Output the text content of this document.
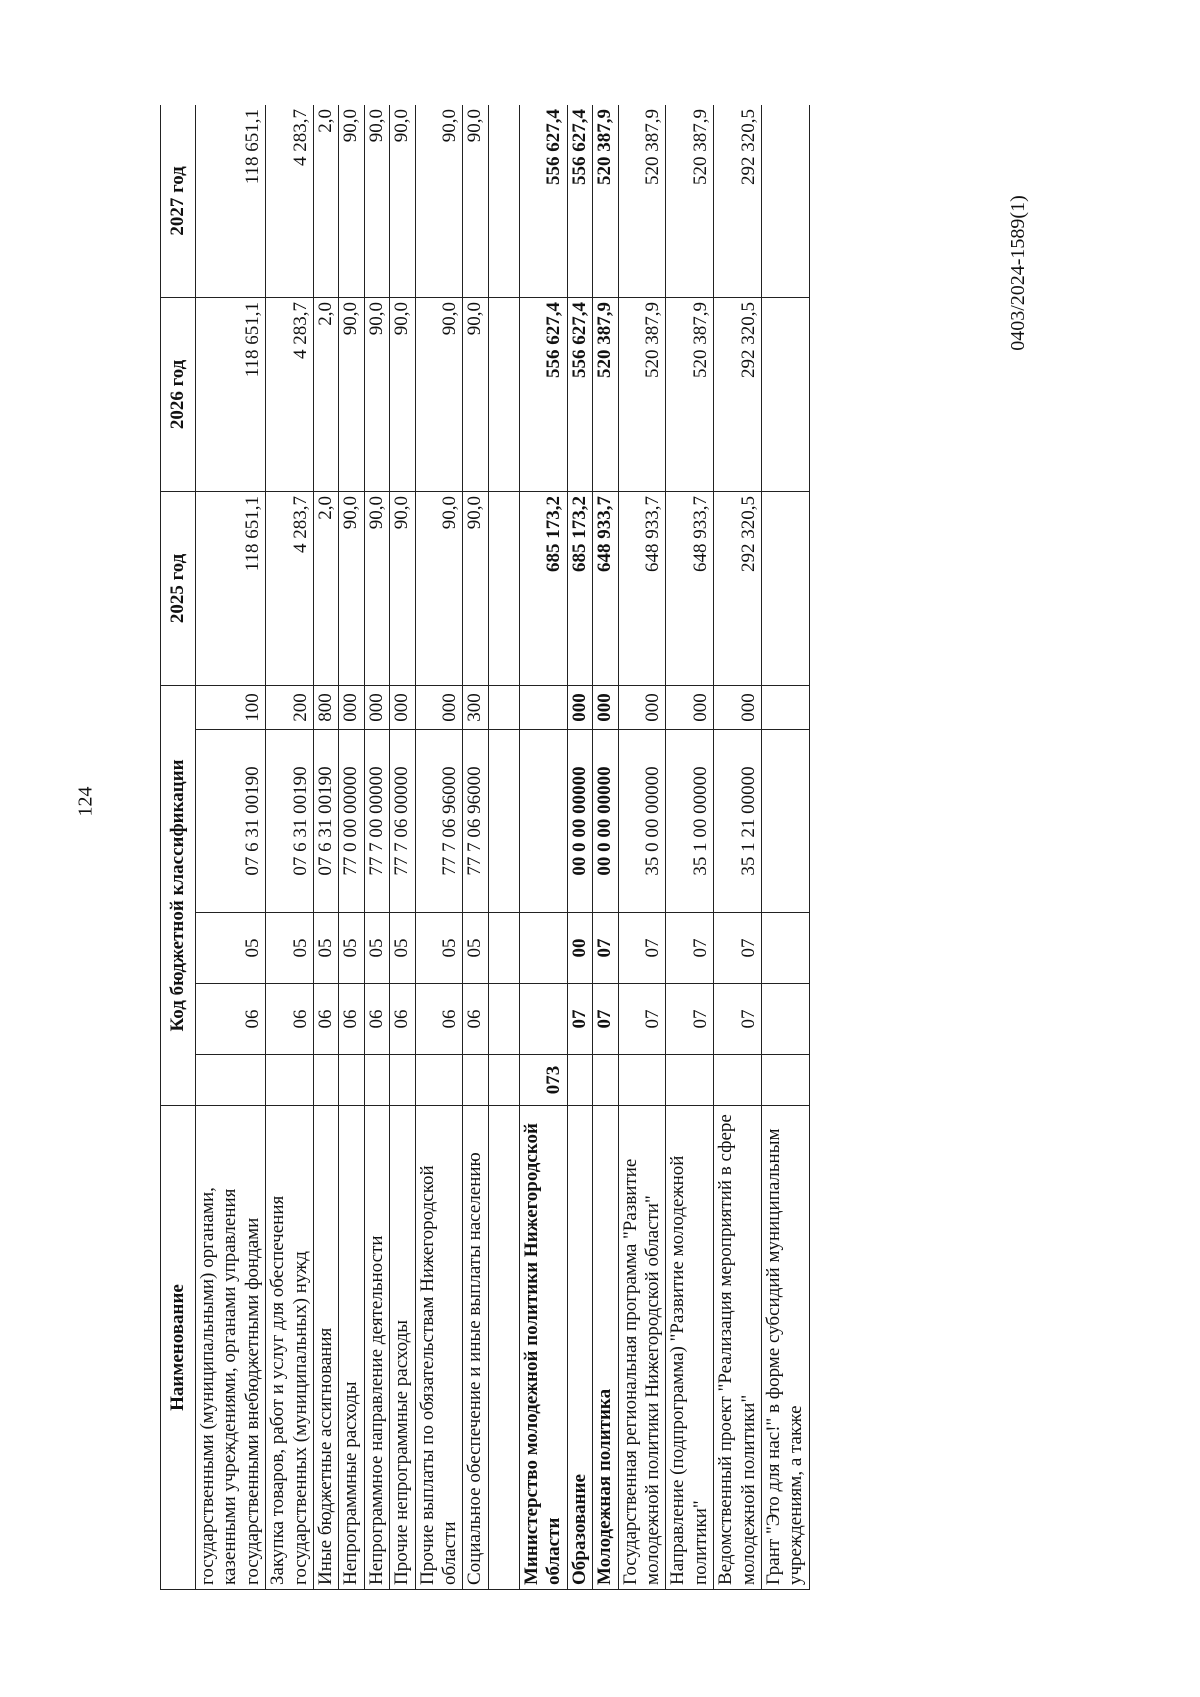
124
0403/2024-1589(1)
Наименование	Код бюджетной классификации					2025 год	2026 год	2027 год
государственными (муниципальными) органами, казенными учреждениями, органами управления государственными внебюджетными фондами		06	05	07 6 31 00190	100	118 651,1	118 651,1	118 651,1
Закупка товаров, работ и услуг для обеспечения государственных (муниципальных) нужд		06	05	07 6 31 00190	200	4 283,7	4 283,7	4 283,7
Иные бюджетные ассигнования		06	05	07 6 31 00190	800	2,0	2,0	2,0
Непрограммные расходы		06	05	77 0 00 00000	000	90,0	90,0	90,0
Непрограммное направление деятельности		06	05	77 7 00 00000	000	90,0	90,0	90,0
Прочие непрограммные расходы		06	05	77 7 06 00000	000	90,0	90,0	90,0
Прочие выплаты по обязательствам Нижегородской области		06	05	77 7 06 96000	000	90,0	90,0	90,0
Социальное обеспечение и иные выплаты населению		06	05	77 7 06 96000	300	90,0	90,0	90,0

Министерство молодежной политики Нижегородской области	073					685 173,2	556 627,4	556 627,4
Образование		07	00	00 0 00 00000	000	685 173,2	556 627,4	556 627,4
Молодежная политика		07	07	00 0 00 00000	000	648 933,7	520 387,9	520 387,9
Государственная региональная программа "Развитие молодежной политики Нижегородской области"		07	07	35 0 00 00000	000	648 933,7	520 387,9	520 387,9
Направление (подпрограмма) "Развитие молодежной политики"		07	07	35 1 00 00000	000	648 933,7	520 387,9	520 387,9
Ведомственный проект "Реализация мероприятий в сфере молодежной политики"		07	07	35 1 21 00000	000	292 320,5	292 320,5	292 320,5
Грант "Это для нас!" в форме субсидий муниципальным учреждениям, а также								
